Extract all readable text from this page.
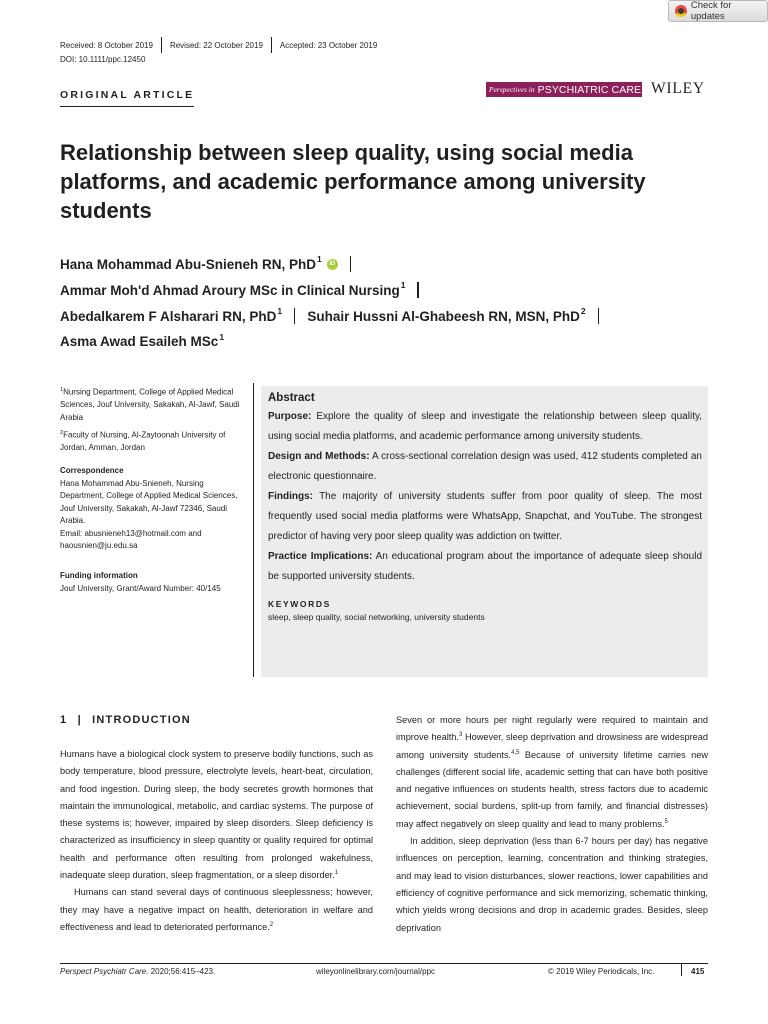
Check for updates
Received: 8 October 2019 Revised: 22 October 2019 Accepted: 23 October 2019
DOI: 10.1111/ppc.12450
ORIGINAL ARTICLE	Perspectives in PSYCHIATRIC CARE WILEY
Relationship between sleep quality, using social media platforms, and academic performance among university students
Hana Mohammad Abu-Snieneh RN, PhD$^1$	iD
Ammar Moh'd Ahmad Aroury MSc in Clinical Nursing$^1$
Abedalkarem F Alsharari RN, PhD$^1$ Suhair Hussni Al-Ghabeesh RN, MSN, PhD$^2$
Asma Awad Esaileh MSc$^1$
$^1$Nursing Department, College of Applied Medical Sciences, Jouf University, Sakakah, Al-Jawf, Saudi Arabia
$^2$Faculty of Nursing, Al-Zaytoonah University of Jordan, Amman, Jordan
Correspondence
Hana Mohammad Abu-Snieneh, Nursing Department, College of Applied Medical Sciences, Jouf University, Sakakah, Al-Jawf 72346, Saudi Arabia.
Email: abusnieneh13@hotmail.com and haousnien@ju.edu.sa
Funding information
Jouf University, Grant/Award Number: 40/145
Abstract
Purpose: Explore the quality of sleep and investigate the relationship between sleep quality, using social media platforms, and academic performance among university students.
Design and Methods: A cross-sectional correlation design was used, 412 students completed an electronic questionnaire.
Findings: The majority of university students suffer from poor quality of sleep. The most frequently used social media platforms were WhatsApp, Snapchat, and YouTube. The strongest predictor of having very poor sleep quality was addiction on twitter.
Practice Implications: An educational program about the importance of adequate sleep should be supported university students.
KEYWORDS
sleep, sleep quality, social networking, university students
1 | INTRODUCTION

Humans have a biological clock system to preserve bodily functions, such as body temperature, blood pressure, electrolyte levels, heart-beat, circulation, and food ingestion. During sleep, the body secretes growth hormones that maintain the immunological, metabolic, and cardiac systems. The purpose of these systems is; however, impaired by sleep disorders. Sleep deficiency is characterized as insufficiency in sleep quantity or quality required for optimal health and performance often resulting from prolonged wakefulness, inadequate sleep duration, sleep fragmentation, or a sleep disorder.$^1$

Humans can stand several days of continuous sleeplessness; however, they may have a negative impact on health, deterioration in welfare and effectiveness and lead to deteriorated performance.$^2$

Seven or more hours per night regularly were required to maintain and improve health.$^3$ However, sleep deprivation and drowsiness are widespread among university students.$^{4,5}$ Because of university lifetime carries new challenges (different social life, academic setting that can have both positive and negative influences on students health, stress factors due to academic achievement, social burdens, split-up from family, and financial distresses) may affect negatively on sleep quality and lead to many problems.$^5$

In addition, sleep deprivation (less than 6-7 hours per day) has negative influences on perception, learning, concentration and thinking strategies, and may lead to vision disturbances, slower reactions, lower capabilities and efficiency of cognitive performance and sick memorizing, schematic thinking, which yields wrong decisions and drop in academic grades. Besides, sleep deprivation

Perspect Psychiatr Care. 2020;56:415–423.	wileyonlinelibrary.com/journal/ppc	© 2019 Wiley Periodicals, Inc.	415
